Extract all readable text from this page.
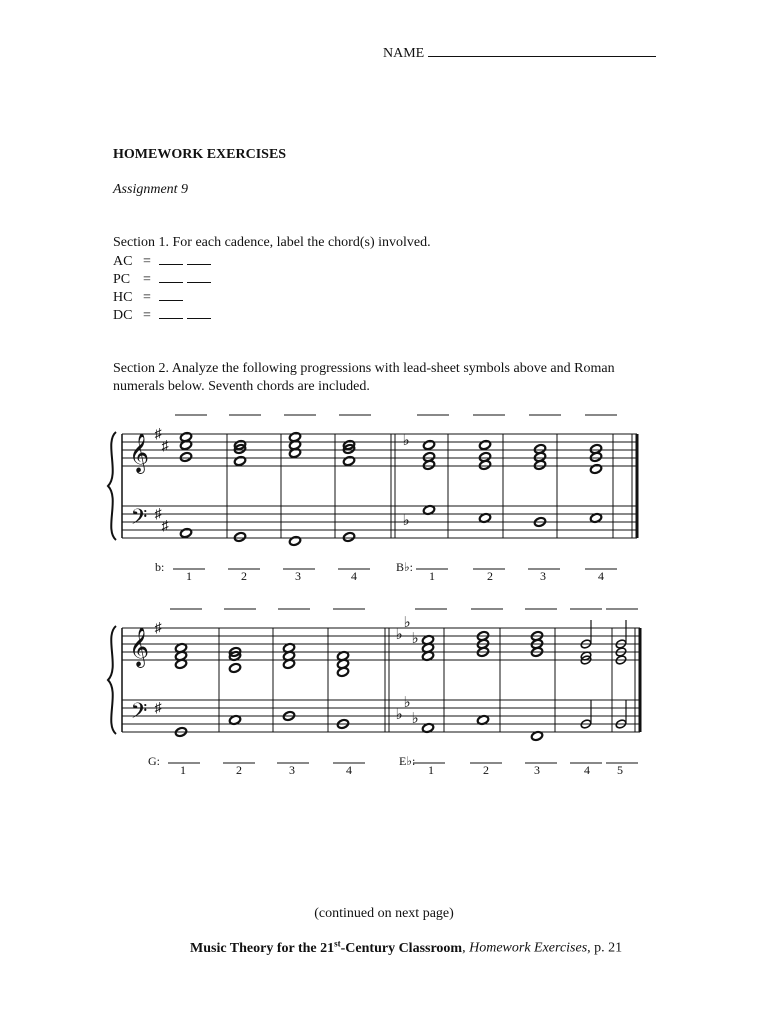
NAME
HOMEWORK EXERCISES
Assignment 9
Section 1. For each cadence, label the chord(s) involved.
AC =
PC =
HC =
DC =
Section 2. Analyze the following progressions with lead-sheet symbols above and Roman numerals below. Seventh chords are included.
𝄞
𝄢
♯
♯
♯
♯
♭
♭
b:	B♭:
1	2	3	4	1	2	3	4
𝄞
𝄢
♯
♯
♭
♭
♭
♭
♭
♭
G:	E♭:
1	2	3	4	1	2	3	4 5
(continued on next page)
Music Theory for the 21st-Century Classroom, Homework Exercises, p. 21
